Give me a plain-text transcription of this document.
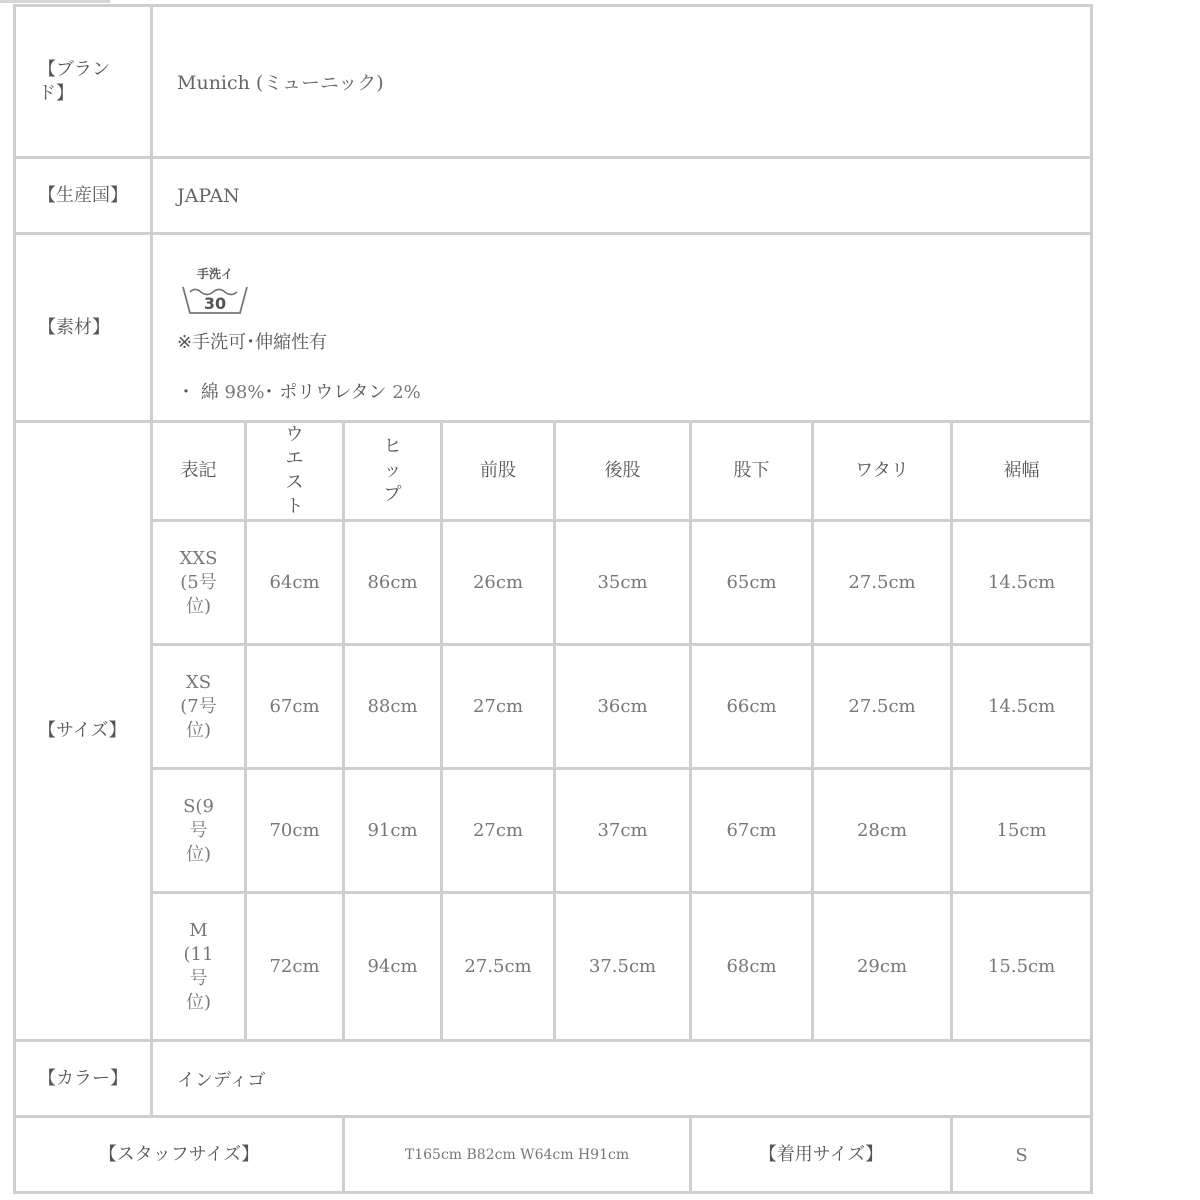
【ブランド】	Munich (ミューニック)							
【生産国】	JAPAN							
【素材】	手洗イ
30
※手洗可･伸縮性有
・ 綿 98%･ ポリウレタン 2%							

【サイズ】	表記	ウエスト	ヒップ	前股	後股	股下	ワタリ	裾幅
	XXS (5号位)	64cm	86cm	26cm	35cm	65cm	27.5cm	14.5cm
	XS (7号位)	67cm	88cm	27cm	36cm	66cm	27.5cm	14.5cm
	S(9号位)	70cm	91cm	27cm	37cm	67cm	28cm	15cm
	M (11号位)	72cm	94cm	27.5cm	37.5cm	68cm	29cm	15.5cm
【カラー】	インディゴ							
【スタッフサイズ】			T165cm B82cm W64cm H91cm			【着用サイズ】		S
